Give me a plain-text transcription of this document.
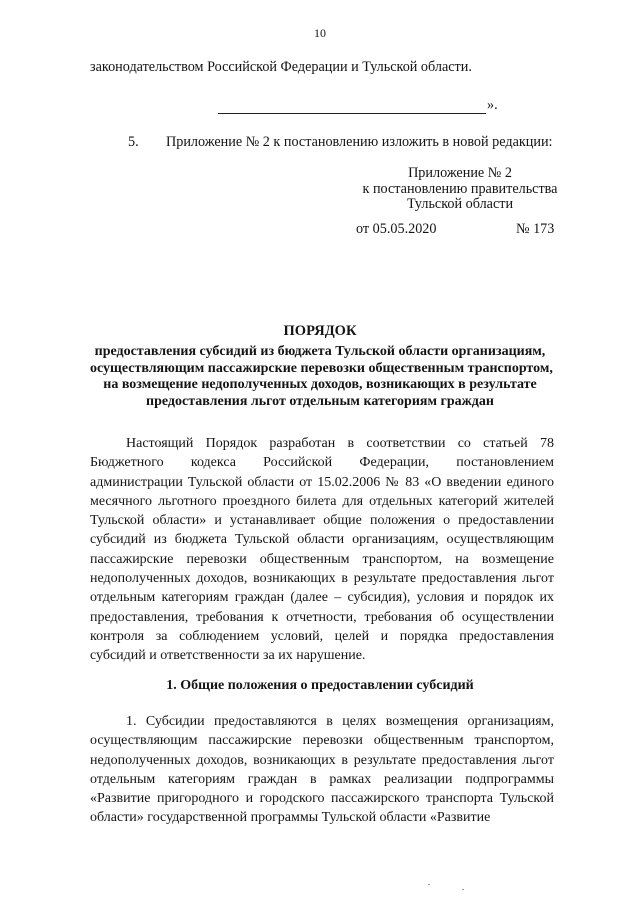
10
законодательством Российской Федерации и Тульской области.
».
5. Приложение № 2 к постановлению изложить в новой редакции:
Приложение № 2
к постановлению правительства
Тульской области
от 05.05.2020	№ 173
ПОРЯДОК
предоставления субсидий из бюджета Тульской области организациям,
осуществляющим пассажирские перевозки общественным транспортом,
на возмещение недополученных доходов, возникающих в результате
предоставления льгот отдельным категориям граждан
Настоящий Порядок разработан в соответствии со статьей 78 Бюджетного кодекса Российской Федерации, постановлением администрации Тульской области от 15.02.2006 № 83 «О введении единого месячного льготного проездного билета для отдельных категорий жителей Тульской области» и устанавливает общие положения о предоставлении субсидий из бюджета Тульской области организациям, осуществляющим пассажирские перевозки общественным транспортом, на возмещение недополученных доходов, возникающих в результате предоставления льгот отдельным категориям граждан (далее – субсидия), условия и порядок их предоставления, требования к отчетности, требования об осуществлении контроля за соблюдением условий, целей и порядка предоставления субсидий и ответственности за их нарушение.
1. Общие положения о предоставлении субсидий
1. Субсидии предоставляются в целях возмещения организациям, осуществляющим пассажирские перевозки общественным транспортом, недополученных доходов, возникающих в результате предоставления льгот отдельным категориям граждан в рамках реализации подпрограммы «Развитие пригородного и городского пассажирского транспорта Тульской области» государственной программы Тульской области «Развитие
